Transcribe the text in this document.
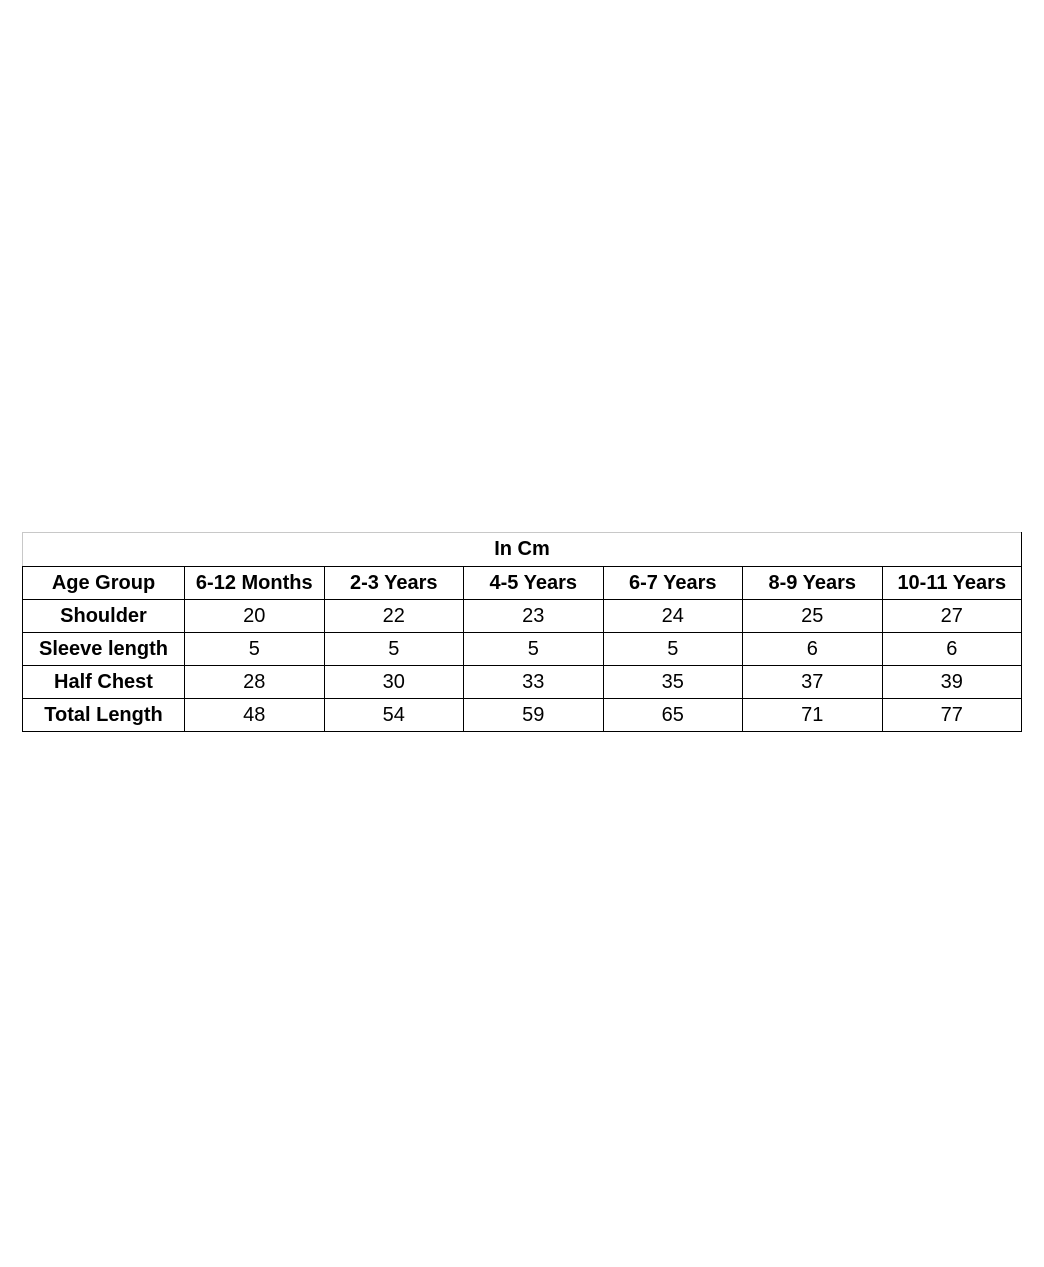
In Cm						
Age Group	6-12 Months	2-3 Years	4-5 Years	6-7 Years	8-9 Years	10-11 Years
Shoulder	20	22	23	24	25	27
Sleeve length	5	5	5	5	6	6
Half Chest	28	30	33	35	37	39
Total Length	48	54	59	65	71	77
